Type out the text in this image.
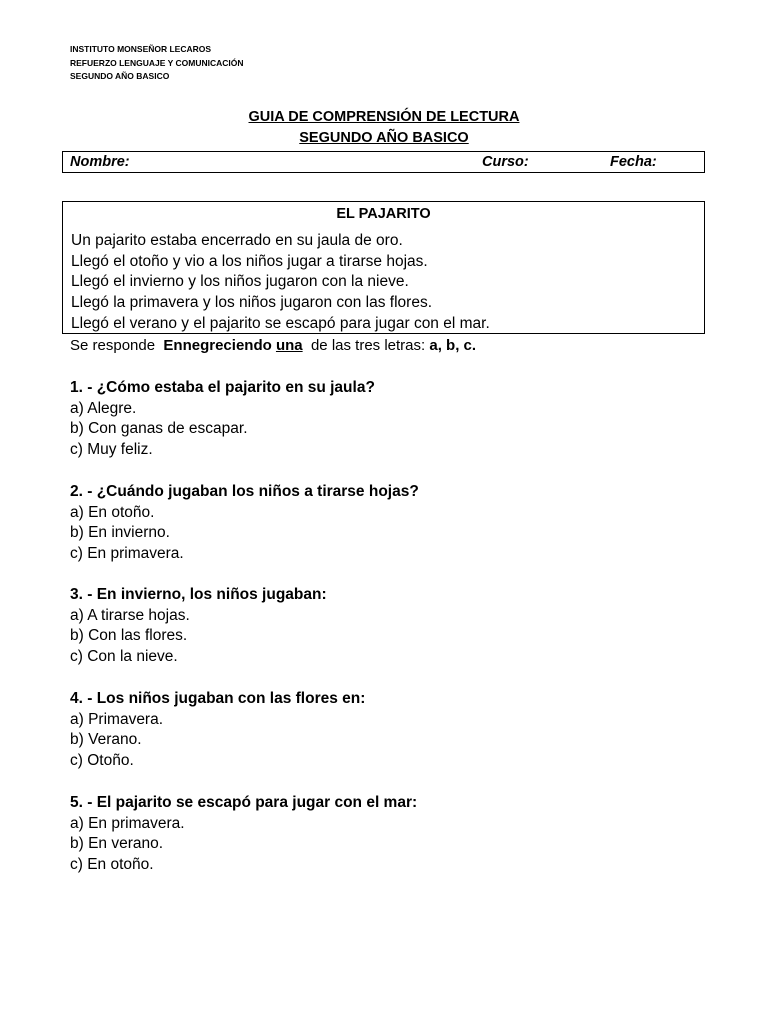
INSTITUTO MONSEÑOR LECAROS
REFUERZO LENGUAJE Y COMUNICACIÓN
SEGUNDO AÑO BASICO
GUIA DE COMPRENSIÓN DE LECTURA
SEGUNDO AÑO BASICO
Nombre:	Curso:	Fecha:
EL PAJARITO
Un pajarito estaba encerrado en su jaula de oro.
Llegó el otoño y vio a los niños jugar a tirarse hojas.
Llegó el invierno y los niños jugaron con la nieve.
Llegó la primavera y los niños jugaron con las flores.
Llegó el verano y el pajarito se escapó para jugar con el mar.
Se responde Ennegreciendo una de las tres letras: a, b, c.
1. - ¿Cómo estaba el pajarito en su jaula?
a) Alegre.
b) Con ganas de escapar.
c) Muy feliz.
2. - ¿Cuándo jugaban los niños a tirarse hojas?
a) En otoño.
b) En invierno.
c) En primavera.
3. - En invierno, los niños jugaban:
a) A tirarse hojas.
b) Con las flores.
c) Con la nieve.
4. - Los niños jugaban con las flores en:
a) Primavera.
b) Verano.
c) Otoño.
5. - El pajarito se escapó para jugar con el mar:
a) En primavera.
b) En verano.
c) En otoño.
